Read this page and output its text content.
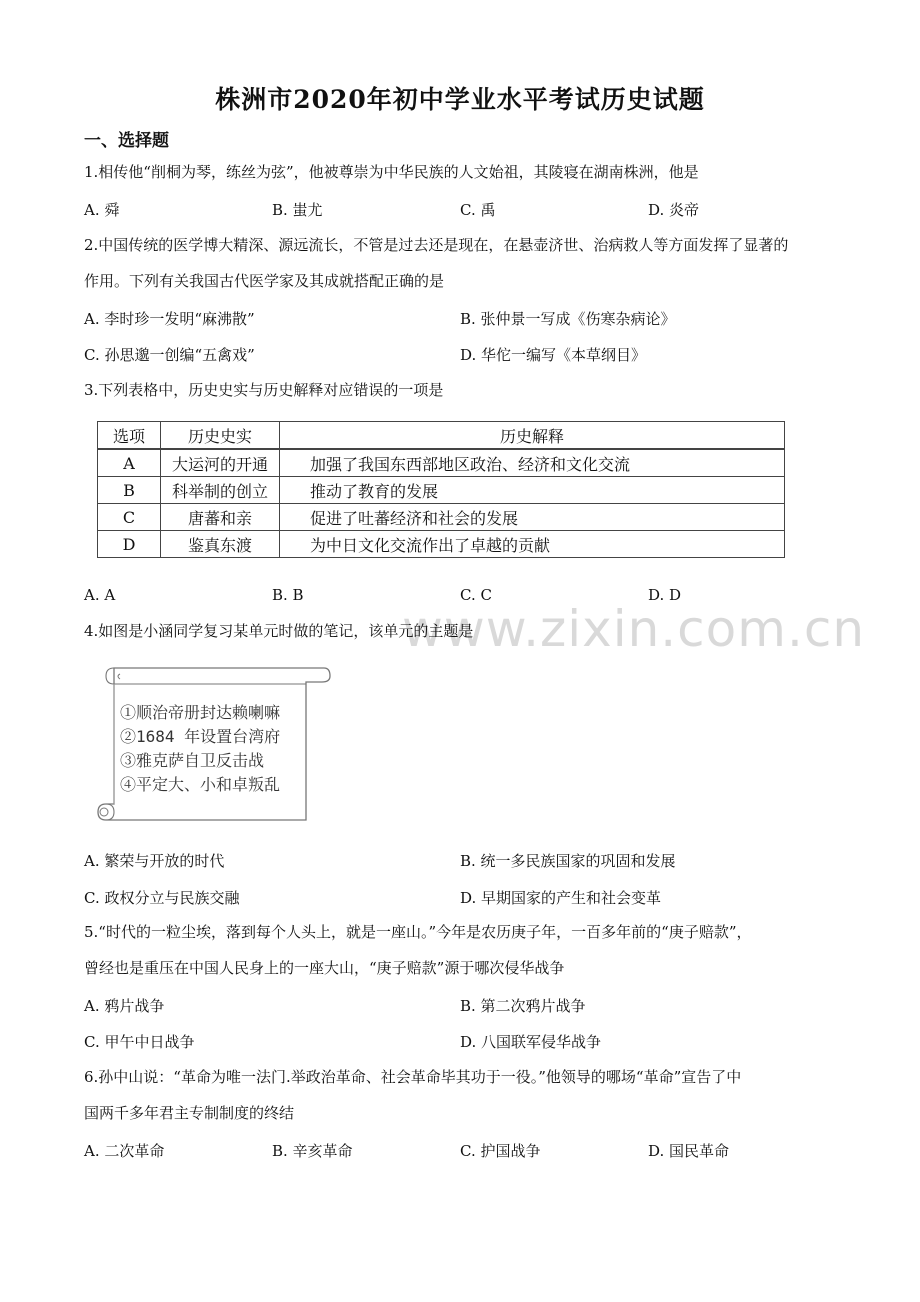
株洲市2020年初中学业水平考试历史试题
一、选择题
www.zixin.com.cn
1.相传他“削桐为琴，练丝为弦”，他被尊崇为中华民族的人文始祖，其陵寝在湖南株洲，他是
A. 舜	B. 蚩尤	C. 禹	D. 炎帝
2.中国传统的医学博大精深、源远流长，不管是过去还是现在，在悬壶济世、治病救人等方面发挥了显著的
作用。下列有关我国古代医学家及其成就搭配正确的是
A. 李时珍一发明“麻沸散”	B. 张仲景一写成《伤寒杂病论》
C. 孙思邈一创编“五禽戏”	D. 华佗一编写《本草纲目》
3.下列表格中，历史史实与历史解释对应错误的一项是
选项	历史史实	历史解释
A	大运河的开通	加强了我国东西部地区政治、经济和文化交流
B	科举制的创立	推动了教育的发展
C	唐蕃和亲	促进了吐蕃经济和社会的发展
D	鉴真东渡	为中日文化交流作出了卓越的贡献
A. A	B. B	C. C	D. D
4.如图是小涵同学复习某单元时做的笔记，该单元的主题是
①顺治帝册封达赖喇嘛
②1684 年设置台湾府
③雅克萨自卫反击战
④平定大、小和卓叛乱
A. 繁荣与开放的时代	B. 统一多民族国家的巩固和发展
C. 政权分立与民族交融	D. 早期国家的产生和社会变革
5.“时代的一粒尘埃，落到每个人头上，就是一座山。”今年是农历庚子年，一百多年前的“庚子赔款”，
曾经也是重压在中国人民身上的一座大山，“庚子赔款”源于哪次侵华战争
A. 鸦片战争	B. 第二次鸦片战争
C. 甲午中日战争	D. 八国联军侵华战争
6.孙中山说：“革命为唯一法门.举政治革命、社会革命毕其功于一役。”他领导的哪场“革命”宣告了中
国两千多年君主专制制度的终结
A. 二次革命	B. 辛亥革命	C. 护国战争	D. 国民革命
